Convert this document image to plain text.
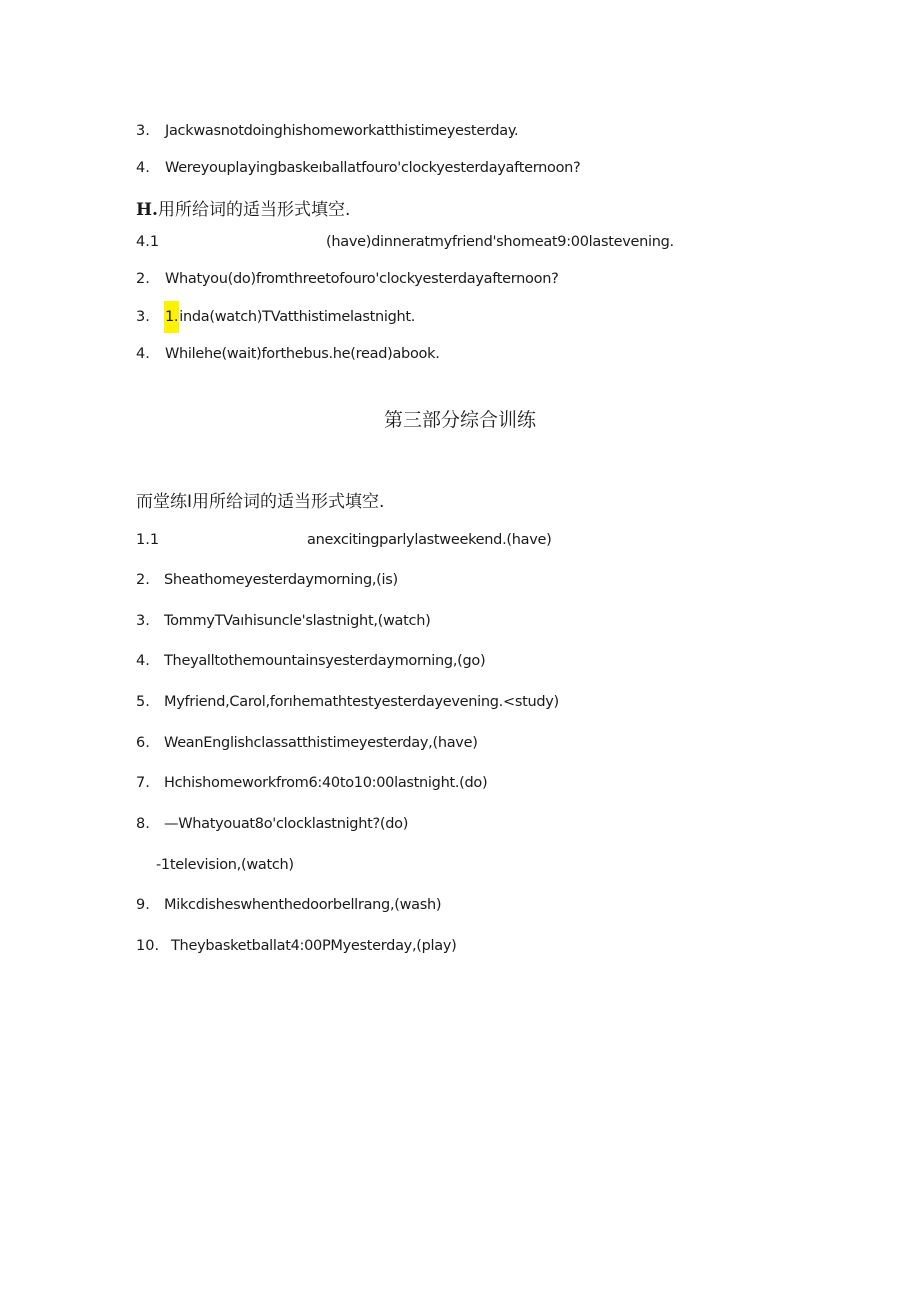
3. Jackwasnotdoinghishomeworkatthistimeyesterday.
4. Wereyouplayingbaskeıballatfouro'clockyesterdayafternoon?
H.用所给词的适当形式填空.
4.1	(have)dinneratmyfriend'shomeat9:00lastevening.
2. Whatyou(do)fromthreetofouro'clockyesterdayafternoon?
3. 1.inda(watch)TVatthistimelastnight.
4. Whilehe(wait)forthebus.he(read)abook.
第三部分综合训练
而堂练I用所给词的适当形式填空.
1.1	anexcitingparlylastweekend.(have)
2. Sheathomeyesterdaymorning,(is)
3. TommyTVaıhisuncle'slastnight,(watch)
4. Theyalltothemountainsyesterdaymorning,(go)
5. Myfriend,Carol,forıhemathtestyesterdayevening.<study)
6. WeanEnglishclassatthistimeyesterday,(have)
7. Hchishomeworkfrom6:40to10:00lastnight.(do)
8. —Whatyouat8o'clocklastnight?(do)
-1television,(watch)
9. Mikcdisheswhenthedoorbellrang,(wash)
10. Theybasketballat4:00PMyesterday,(play)
